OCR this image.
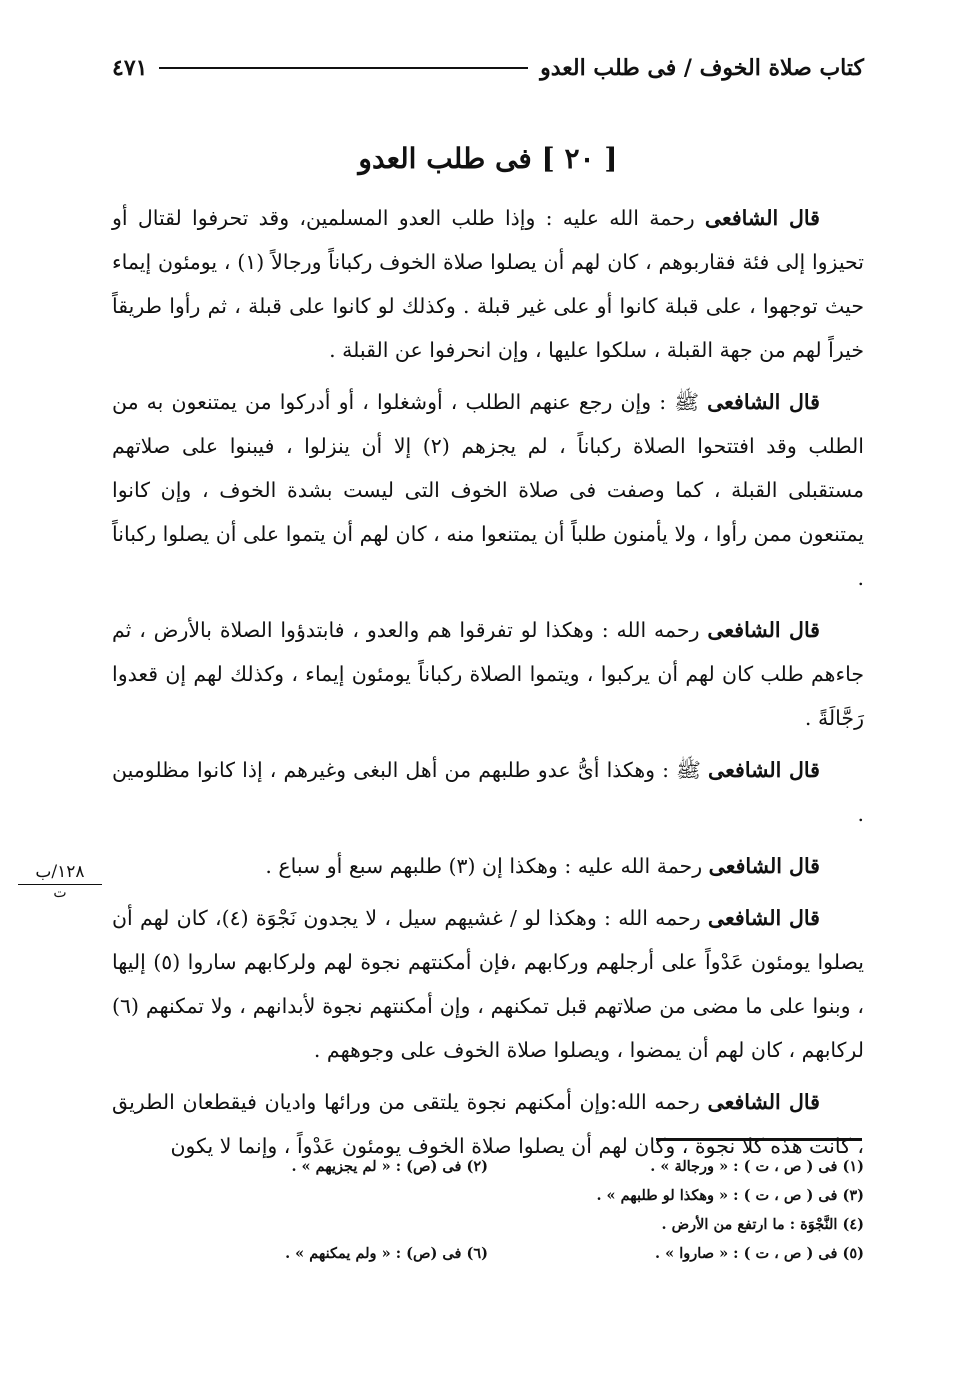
كتاب صلاة الخوف / فى طلب العدو
٤٧١
[ ٢٠ ] فى طلب العدو

قال الشافعى رحمة الله عليه : وإذا طلب العدو المسلمين، وقد تحرفوا لقتال أو تحيزوا إلى فئة فقاربوهم ، كان لهم أن يصلوا صلاة الخوف ركباناً ورجالاً (١) ، يومئون إيماء حيث توجهوا ، على قبلة كانوا أو على غير قبلة . وكذلك لو كانوا على قبلة ، ثم رأوا طريقاً خيراً لهم من جهة القبلة ، سلكوا عليها ، وإن انحرفوا عن القبلة .

قال الشافعى ﷺ : وإن رجع عنهم الطلب ، أوشغلوا ، أو أدركوا من يمتنعون به من الطلب وقد افتتحوا الصلاة ركباناً ، لم يجزهم (٢) إلا أن ينزلوا ، فيبنوا على صلاتهم مستقبلى القبلة ، كما وصفت فى صلاة الخوف التى ليست بشدة الخوف ، وإن كانوا يمتنعون ممن رأوا ، ولا يأمنون طلباً أن يمتنعوا منه ، كان لهم أن يتموا على أن يصلوا ركباناً .

قال الشافعى رحمه الله : وهكذا لو تفرقوا هم والعدو ، فابتدؤوا الصلاة بالأرض ، ثم جاءهم طلب كان لهم أن يركبوا ، ويتموا الصلاة ركباناً يومئون إيماء ، وكذلك لهم إن قعدوا رَجَّالَةً .

قال الشافعى ﷺ : وهكذا أىُّ عدو طلبهم من أهل البغى وغيرهم ، إذا كانوا مظلومين .

قال الشافعى رحمة الله عليه : وهكذا إن (٣) طلبهم سبع أو سباع .

قال الشافعى رحمه الله : وهكذا لو / غشيهم سيل ، لا يجدون نَجْوَة (٤)، كان لهم أن يصلوا يومئون عَدْواً على أرجلهم وركابهم ،فإن أمكنتهم نجوة لهم ولركابهم ساروا (٥) إليها ، وبنوا على ما مضى من صلاتهم قبل تمكنهم ، وإن أمكنتهم نجوة لأبدانهم ، ولا تمكنهم (٦) لركابهم ، كان لهم أن يمضوا ، ويصلوا صلاة الخوف على وجوههم .

قال الشافعى رحمه الله:وإن أمكنهم نجوة يلتقى من ورائها واديان فيقطعان الطريق ، كانت هذه كلا نجوة ، وكان لهم أن يصلوا صلاة الخوف يومئون عَدْواً ، وإنما لا يكون

١٢٨/ب
ت
(١) فى ( ص ، ت ) : « ورجالة » .
(٢) فى (ص) : « لم يجزيهم » .
(٣) فى ( ص ، ت ) : « وهكذا لو طلبهم » .
(٤) النَّجْوَة : ما ارتفع من الأرض .
(٥) فى ( ص ، ت ) : « صاروا » .
(٦) فى (ص) : « ولم يمكنهم » .
